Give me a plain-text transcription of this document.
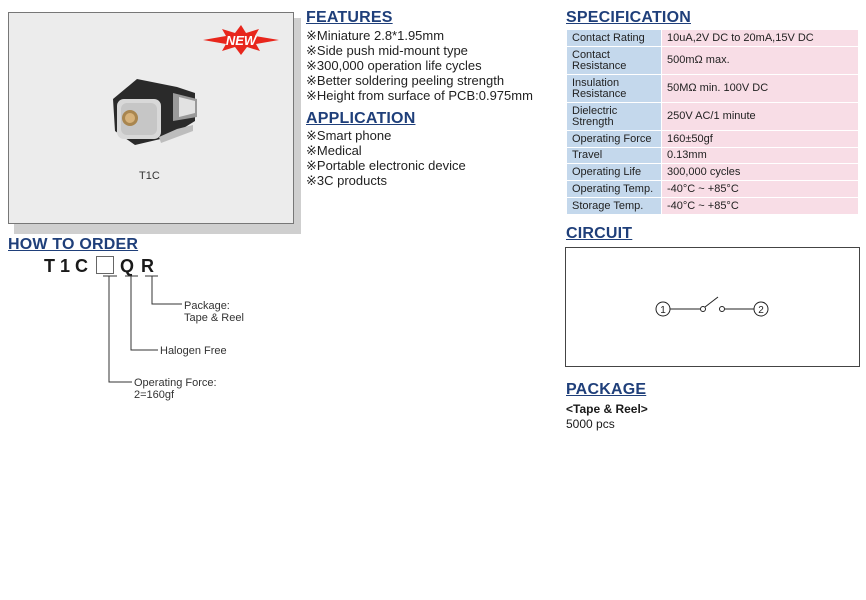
NEW
T1C
FEATURES
※Miniature 2.8*1.95mm
※Side push mid-mount type
※300,000 operation life cycles
※Better soldering peeling strength
※Height from surface of PCB:0.975mm
APPLICATION
※Smart phone
※Medical
※Portable electronic device
※3C products
SPECIFICATION
Contact Rating	10uA,2V DC to 20mA,15V DC
Contact Resistance	500mΩ max.
Insulation Resistance	50MΩ min. 100V DC
Dielectric Strength	250V AC/1 minute
Operating Force	160±50gf
Travel	0.13mm
Operating Life	300,000 cycles
Operating Temp.	-40°C ~ +85°C
Storage Temp.	-40°C ~ +85°C
HOW TO ORDER
T1C Q R
Package:
Tape & Reel
Halogen Free
Operating Force:
2=160gf
CIRCUIT
1	2
PACKAGE
<Tape & Reel>
5000 pcs
